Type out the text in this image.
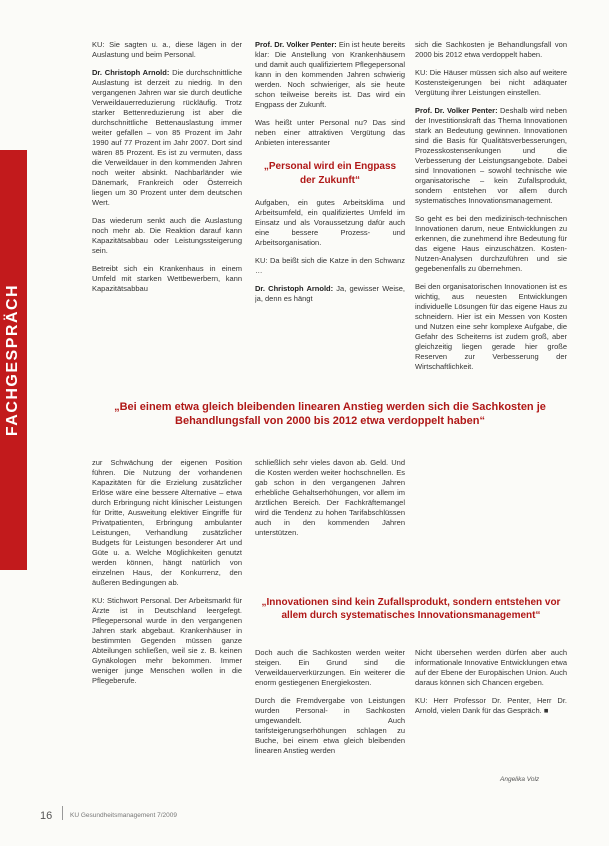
FACHGESPRÄCH

KU: Sie sagten u. a., diese lägen in der Auslastung und beim Personal.

Dr. Christoph Arnold: Die durchschnittliche Auslastung ist derzeit zu niedrig. In den vergangenen Jahren war sie durch deutliche Verweildauerreduzierung rückläufig. Trotz starker Bettenreduzierung ist aber die durchschnittliche Bettenauslastung immer weiter gefallen – von 85 Prozent im Jahr 1990 auf 77 Prozent im Jahr 2007. Dort sind wären 85 Prozent. Es ist zu vermuten, dass die Verweildauer in den kommenden Jahren noch weiter absinkt. Nachbarländer wie Dänemark, Frankreich oder Österreich liegen um 30 Prozent unter dem deutschen Wert.

Das wiederum senkt auch die Auslastung noch mehr ab. Die Reaktion darauf kann Kapazitätsabbau oder Leistungssteigerung sein.

Betreibt sich ein Krankenhaus in einem Umfeld mit starken Wettbewerbern, kann Kapazitätsabbau

Prof. Dr. Volker Penter: Ein ist heute bereits klar: Die Anstellung von Krankenhäusern und damit auch qualifiziertem Pflegepersonal kann in den kommenden Jahren schwierig werden. Noch schwieriger, als sie heute schon teilweise bereits ist. Das wird ein Engpass der Zukunft.

Was heißt unter Personal nu? Das sind neben einer attraktiven Vergütung das Anbieten interessanter

„Personal wird ein Engpass der Zukunft“

Aufgaben, ein gutes Arbeitsklima und Arbeitsumfeld, ein qualifiziertes Umfeld im Einsatz und als Voraussetzung dafür auch eine bessere Prozess- und Arbeitsorganisation.

KU: Da beißt sich die Katze in den Schwanz …

Dr. Christoph Arnold: Ja, gewisser Weise, ja, denn es hängt

sich die Sachkosten je Behandlungsfall von 2000 bis 2012 etwa verdoppelt haben.

KU: Die Häuser müssen sich also auf weitere Kostensteigerungen bei nicht adäquater Vergütung ihrer Leistungen einstellen.

Prof. Dr. Volker Penter: Deshalb wird neben der Investitionskraft das Thema Innovationen stark an Bedeutung gewinnen. Innovationen sind die Basis für Qualitätsverbesserungen, Prozesskostensenkungen und die Verbesserung der Leistungsangebote. Dabei sind Innovationen – sowohl technische wie organisatorische – kein Zufallsprodukt, sondern entstehen vor allem durch systematisches Innovationsmanagement.

So geht es bei den medizinisch-technischen Innovationen darum, neue Entwicklungen zu erkennen, die zunehmend ihre Bedeutung für das eigene Haus einzuschätzen. Kosten-Nutzen-Analysen durchzuführen und sie gegebenenfalls zu übernehmen.

Bei den organisatorischen Innovationen ist es wichtig, aus neuesten Entwicklungen individuelle Lösungen für das eigene Haus zu schneidern. Hier ist ein Messen von Kosten und Nutzen eine sehr komplexe Aufgabe, die Gefahr des Scheiterns ist zudem groß, aber gleichzeitig liegen gerade hier große Reserven zur Verbesserung der Wirtschaftlichkeit.

„Bei einem etwa gleich bleibenden linearen Anstieg werden sich die Sachkosten je Behandlungsfall von 2000 bis 2012 etwa verdoppelt haben“

zur Schwächung der eigenen Position führen. Die Nutzung der vorhandenen Kapazitäten für die Erzielung zusätzlicher Erlöse wäre eine bessere Alternative – etwa durch Erbringung nicht klinischer Leistungen für Dritte, Ausweitung elektiver Eingriffe für Privatpatienten, Erbringung ambulanter Leistungen, Verhandlung zusätzlicher Budgets für Leistungen besonderer Art und Güte u. a. Welche Möglichkeiten genutzt werden können, hängt natürlich von einzelnen Haus, der Konkurrenz, den äußeren Bedingungen ab.

KU: Stichwort Personal. Der Arbeitsmarkt für Ärzte ist in Deutschland leergefegt. Pflegepersonal wurde in den vergangenen Jahren stark abgebaut. Krankenhäuser in bestimmten Gegenden müssen ganze Abteilungen schließen, weil sie z. B. keinen Gynäkologen mehr bekommen. Immer weniger junge Menschen wollen in die Pflegeberufe.

schließlich sehr vieles davon ab. Geld. Und die Kosten werden weiter hochschnellen. Es gab schon in den vergangenen Jahren erhebliche Gehaltserhöhungen, vor allem im ärztlichen Bereich. Der Fachkräftemangel wird die Tendenz zu hohen Tarifabschlüssen auch in den kommenden Jahren unterstützen.

„Innovationen sind kein Zufallsprodukt, sondern entstehen vor allem durch systematisches Innovationsmanagement“

Doch auch die Sachkosten werden weiter steigen. Ein Grund sind die Verweildauerverkürzungen. Ein weiterer die enorm gestiegenen Energiekosten.

Durch die Fremdvergabe von Leistungen wurden Personal- in Sachkosten umgewandelt. Auch tarifsteigerungserhöhungen schlagen zu Buche, bei einem etwa gleich bleibenden linearen Anstieg werden

Nicht übersehen werden dürfen aber auch informationale Innovative Entwicklungen etwa auf der Ebene der Europäischen Union. Auch daraus können sich Chancen ergeben.

KU: Herr Professor Dr. Penter, Herr Dr. Arnold, vielen Dank für das Gespräch. ■

Angelika Volz
16	KU Gesundheitsmanagement 7/2009
